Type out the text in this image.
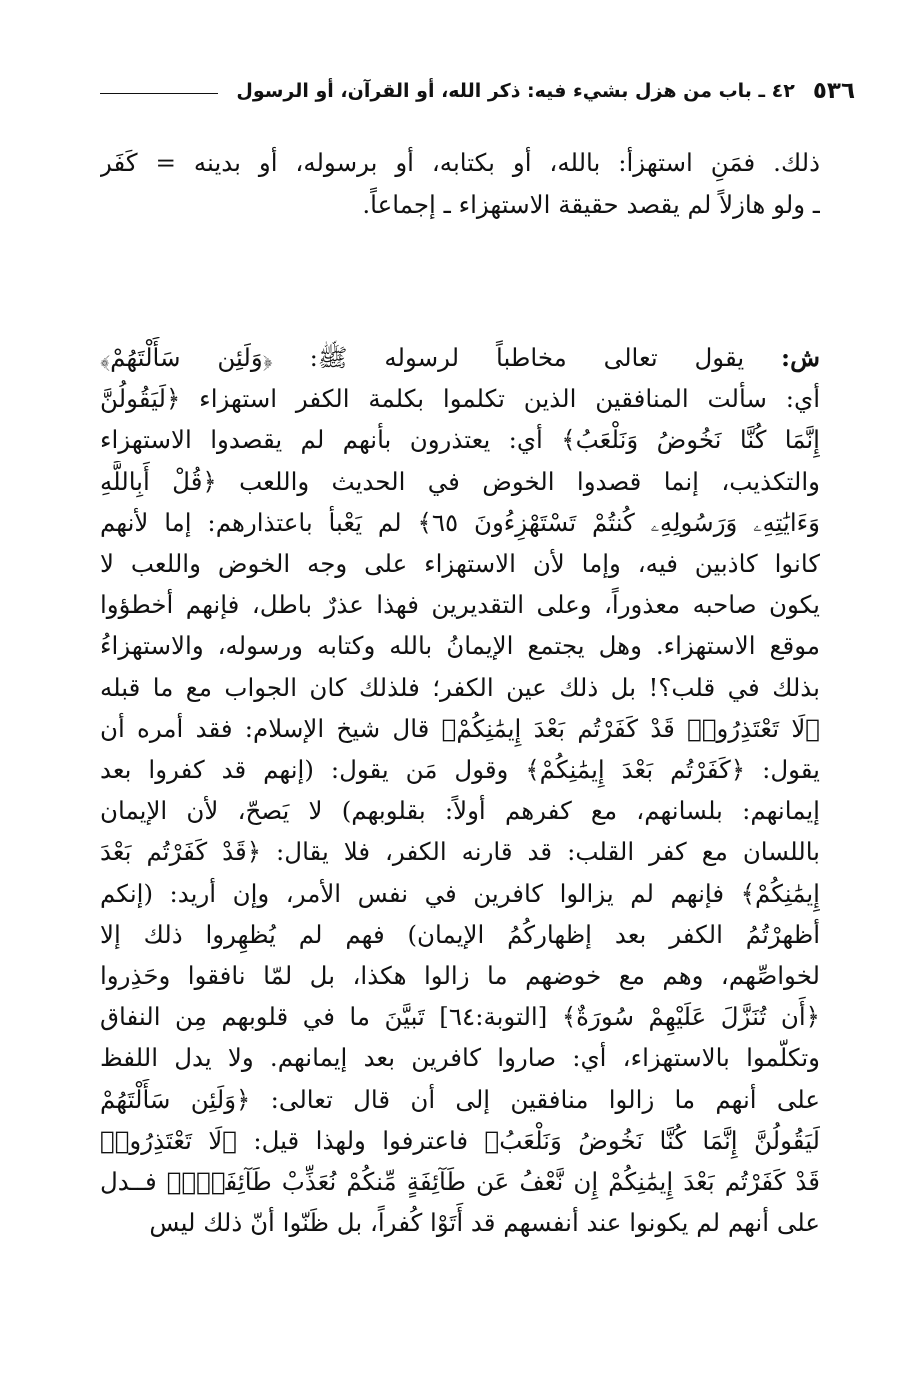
٥٣٦
٤٢ ـ باب من هزل بشيء فيه: ذكر الله، أو القرآن، أو الرسول
ذلك. فمَنِ استهزأ: بالله، أو بكتابه، أو برسوله، أو بدينه = كَفَر
ـ ولو هازلاً لم يقصد حقيقة الاستهزاء ـ إجماعاً.
ش: يقول تعالى مخاطباً لرسوله ﷺ: ﴿وَلَئِن سَأَلْتَهُمْ﴾
أي: سألت المنافقين الذين تكلموا بكلمة الكفر استهزاء ﴿لَيَقُولُنَّ
إِنَّمَا كُنَّا نَخُوضُ وَنَلْعَبُ﴾ أي: يعتذرون بأنهم لم يقصدوا الاستهزاء
والتكذيب، إنما قصدوا الخوض في الحديث واللعب ﴿قُلْ أَبِاللَّهِ
وَءَايَٰتِهِۦ وَرَسُولِهِۦ كُنتُمْ تَسْتَهْزِءُونَ ٦٥﴾ لم يَعْبأ باعتذارهم: إما لأنهم
كانوا كاذبين فيه، وإما لأن الاستهزاء على وجه الخوض واللعب لا
يكون صاحبه معذوراً، وعلى التقديرين فهذا عذرٌ باطل، فإنهم أخطؤوا
موقع الاستهزاء. وهل يجتمع الإيمانُ بالله وكتابه ورسوله، والاستهزاءُ
بذلك في قلب؟! بل ذلك عين الكفر؛ فلذلك كان الجواب مع ما قبله
﴿لَا تَعْتَذِرُوا۟ قَدْ كَفَرْتُم بَعْدَ إِيمَٰنِكُمْ﴾ قال شيخ الإسلام: فقد أمره أن
يقول: ﴿كَفَرْتُم بَعْدَ إِيمَٰنِكُمْ﴾ وقول مَن يقول: (إنهم قد كفروا بعد
إيمانهم: بلسانهم، مع كفرهم أولاً: بقلوبهم) لا يَصحّ، لأن الإيمان
باللسان مع كفر القلب: قد قارنه الكفر، فلا يقال: ﴿قَدْ كَفَرْتُم بَعْدَ
إِيمَٰنِكُمْ﴾ فإنهم لم يزالوا كافرين في نفس الأمر، وإن أريد: (إنكم
أظهرْتُمُ الكفر بعد إظهاركُمُ الإيمان) فهم لم يُظهِروا ذلك إلا
لخواصِّهم، وهم مع خوضهم ما زالوا هكذا، بل لمّا نافقوا وحَذِروا
﴿أَن تُنَزَّلَ عَلَيْهِمْ سُورَةٌ﴾ [التوبة:٦٤] تَبيَّنَ ما في قلوبهم مِن النفاق
وتكلّموا بالاستهزاء، أي: صاروا كافرين بعد إيمانهم. ولا يدل اللفظ
على أنهم ما زالوا منافقين إلى أن قال تعالى: ﴿وَلَئِن سَأَلْتَهُمْ
لَيَقُولُنَّ إِنَّمَا كُنَّا نَخُوضُ وَنَلْعَبُ﴾ فاعترفوا ولهذا قيل: ﴿لَا تَعْتَذِرُوا۟
قَدْ كَفَرْتُم بَعْدَ إِيمَٰنِكُمْ إِن نَّعْفُ عَن طَآئِفَةٍ مِّنكُمْ نُعَذِّبْ طَآئِفَةًۢ﴾ فــدل
على أنهم لم يكونوا عند أنفسهم قد أَتَوْا كُفراً، بل ظَنّوا أنّ ذلك ليس
